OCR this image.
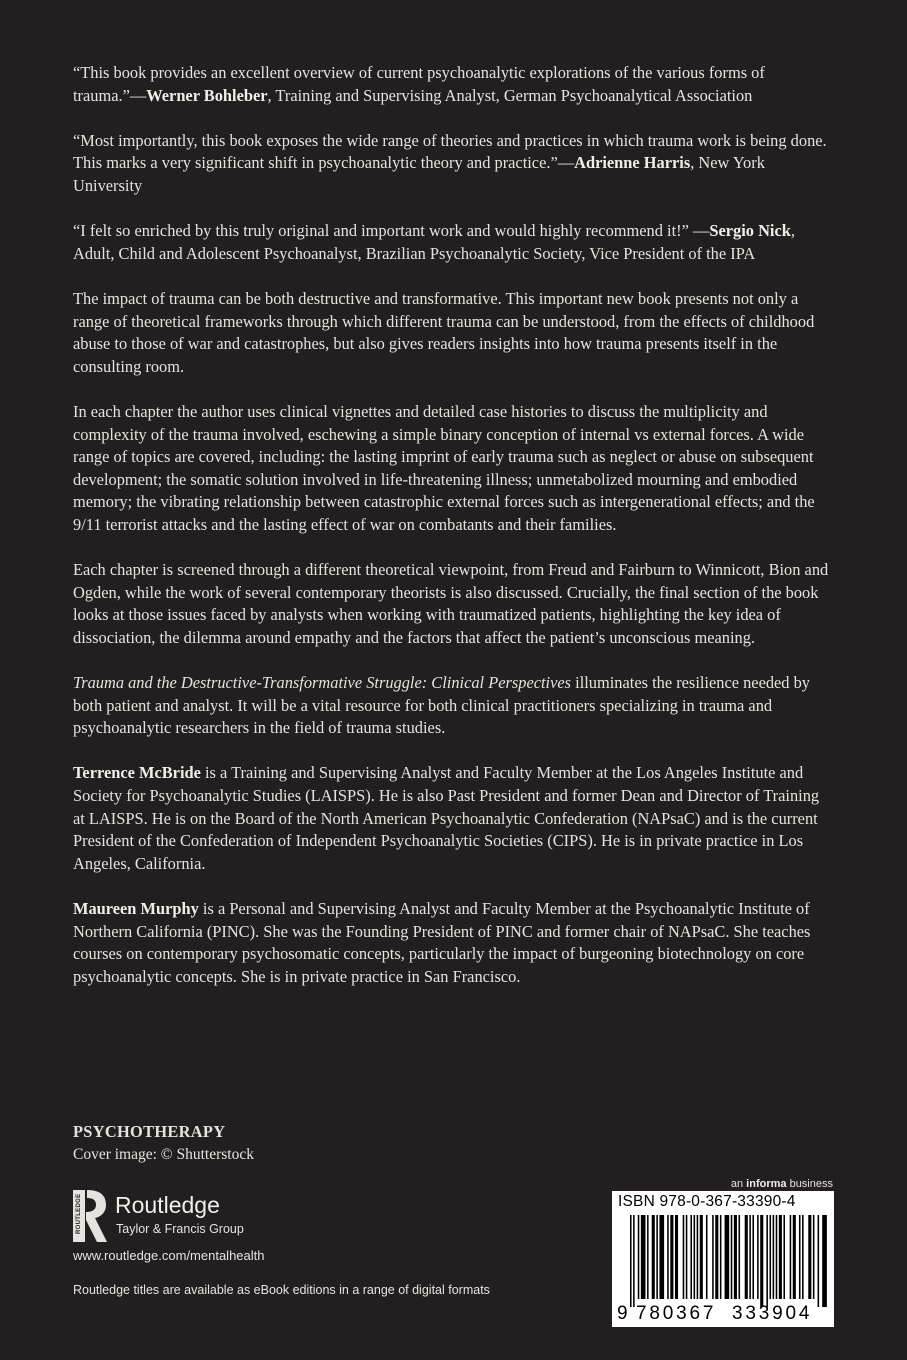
“This book provides an excellent overview of current psychoanalytic explorations of the various forms of trauma.”—Werner Bohleber, Training and Supervising Analyst, German Psychoanalytical Association

“Most importantly, this book exposes the wide range of theories and practices in which trauma work is being done. This marks a very significant shift in psychoanalytic theory and practice.”—Adrienne Harris, New York University

“I felt so enriched by this truly original and important work and would highly recommend it!” —Sergio Nick, Adult, Child and Adolescent Psychoanalyst, Brazilian Psychoanalytic Society, Vice President of the IPA

The impact of trauma can be both destructive and transformative. This important new book presents not only a range of theoretical frameworks through which different trauma can be understood, from the effects of childhood abuse to those of war and catastrophes, but also gives readers insights into how trauma presents itself in the consulting room.

In each chapter the author uses clinical vignettes and detailed case histories to discuss the multiplicity and complexity of the trauma involved, eschewing a simple binary conception of internal vs external forces. A wide range of topics are covered, including: the lasting imprint of early trauma such as neglect or abuse on subsequent development; the somatic solution involved in life-threatening illness; unmetabolized mourning and embodied memory; the vibrating relationship between catastrophic external forces such as intergenerational effects; and the 9/11 terrorist attacks and the lasting effect of war on combatants and their families.

Each chapter is screened through a different theoretical viewpoint, from Freud and Fairburn to Winnicott, Bion and Ogden, while the work of several contemporary theorists is also discussed. Crucially, the final section of the book looks at those issues faced by analysts when working with traumatized patients, highlighting the key idea of dissociation, the dilemma around empathy and the factors that affect the patient’s unconscious meaning.

Trauma and the Destructive-Transformative Struggle: Clinical Perspectives illuminates the resilience needed by both patient and analyst. It will be a vital resource for both clinical practitioners specializing in trauma and psychoanalytic researchers in the field of trauma studies.

Terrence McBride is a Training and Supervising Analyst and Faculty Member at the Los Angeles Institute and Society for Psychoanalytic Studies (LAISPS). He is also Past President and former Dean and Director of Training at LAISPS. He is on the Board of the North American Psychoanalytic Confederation (NAPsaC) and is the current President of the Confederation of Independent Psychoanalytic Societies (CIPS). He is in private practice in Los Angeles, California.

Maureen Murphy is a Personal and Supervising Analyst and Faculty Member at the Psychoanalytic Institute of Northern California (PINC). She was the Founding President of PINC and former chair of NAPsaC. She teaches courses on contemporary psychosomatic concepts, particularly the impact of burgeoning biotechnology on core psychoanalytic concepts. She is in private practice in San Francisco.

PSYCHOTHERAPY
Cover image: © Shutterstock
ROUTLEDGE Routledge
Taylor & Francis Group
www.routledge.com/mentalhealth
Routledge titles are available as eBook editions in a range of digital formats
an informa business
ISBN 978-0-367-33390-4
9 780367 333904
